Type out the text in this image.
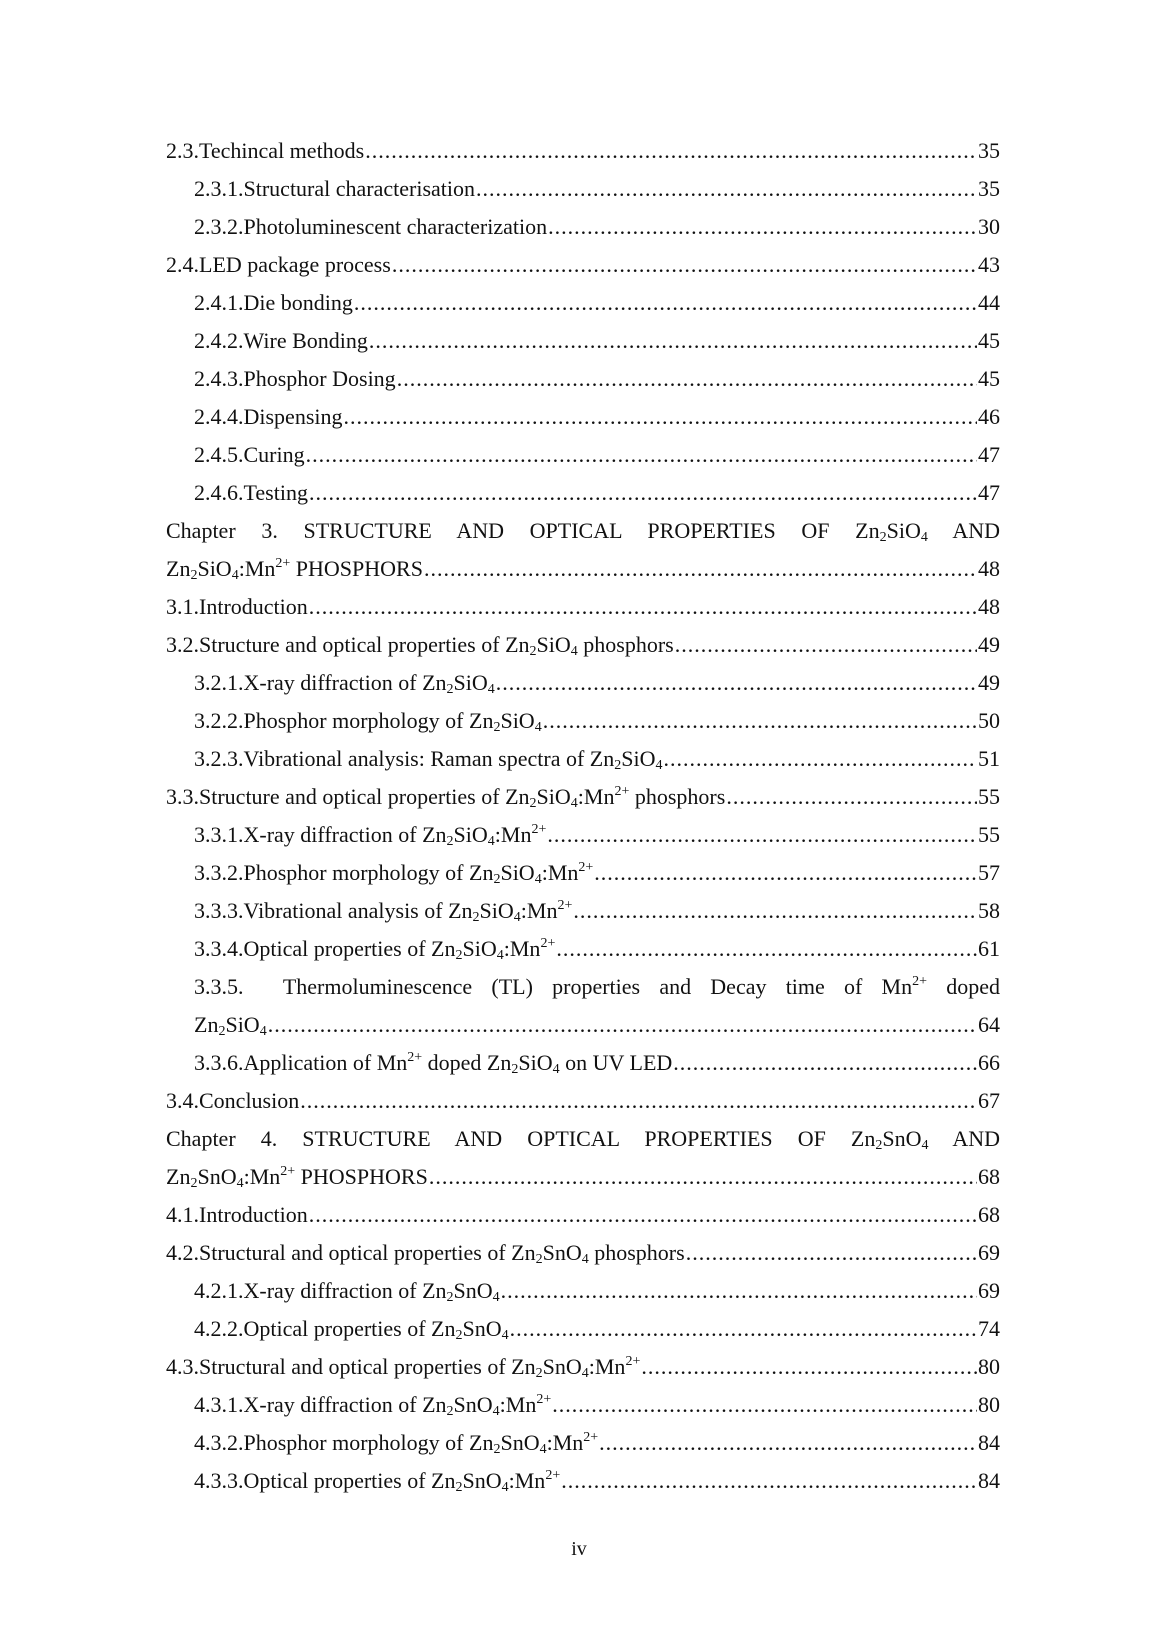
2.3. Techincal methods .....	35
2.3.1. Structural characterisation .....	35
2.3.2. Photoluminescent characterization .....	30
2.4. LED package process .....	43
2.4.1. Die bonding .....	44
2.4.2. Wire Bonding .....	45
2.4.3. Phosphor Dosing .....	45
2.4.4. Dispensing .....	46
2.4.5. Curing .....	47
2.4.6. Testing .....	47
Chapter 3. STRUCTURE AND OPTICAL PROPERTIES OF $Zn_2SiO_4$ AND
$Zn_2SiO_4:Mn^{2+}$ PHOSPHORS .....	48
3.1. Introduction .....	48
3.2. Structure and optical properties of $Zn_2SiO_4$ phosphors .....	49
3.2.1. X-ray diffraction of $Zn_2SiO_4$ .....	49
3.2.2. Phosphor morphology of $Zn_2SiO_4$ .....	50
3.2.3. Vibrational analysis: Raman spectra of $Zn_2SiO_4$ .....	51
3.3. Structure and optical properties of $Zn_2SiO_4:Mn^{2+}$ phosphors .....	55
3.3.1. X-ray diffraction of $Zn_2SiO_4:Mn^{2+}$ .....	55
3.3.2. Phosphor morphology of $Zn_2SiO_4:Mn^{2+}$ .....	57
3.3.3. Vibrational analysis of $Zn_2SiO_4:Mn^{2+}$ .....	58
3.3.4. Optical properties of $Zn_2SiO_4:Mn^{2+}$ .....	61
3.3.5. Thermoluminescence (TL) properties and Decay time of $Mn^{2+}$ doped
$Zn_2SiO_4$ .....	64
3.3.6. Application of $Mn^{2+}$ doped $Zn_2SiO_4$ on UV LED .....	66
3.4. Conclusion .....	67
Chapter 4. STRUCTURE AND OPTICAL PROPERTIES OF $Zn_2SnO_4$ AND
$Zn_2SnO_4:Mn^{2+}$ PHOSPHORS .....	68
4.1. Introduction .....	68
4.2. Structural and optical properties of $Zn_2SnO_4$ phosphors .....	69
4.2.1. X-ray diffraction of $Zn_2SnO_4$ .....	69
4.2.2. Optical properties of $Zn_2SnO_4$ .....	74
4.3. Structural and optical properties of $Zn_2SnO_4:Mn^{2+}$ .....	80
4.3.1. X-ray diffraction of $Zn_2SnO_4:Mn^{2+}$ .....	80
4.3.2. Phosphor morphology of $Zn_2SnO_4:Mn^{2+}$ .....	84
4.3.3. Optical properties of $Zn_2SnO_4:Mn^{2+}$ .....	84
iv
